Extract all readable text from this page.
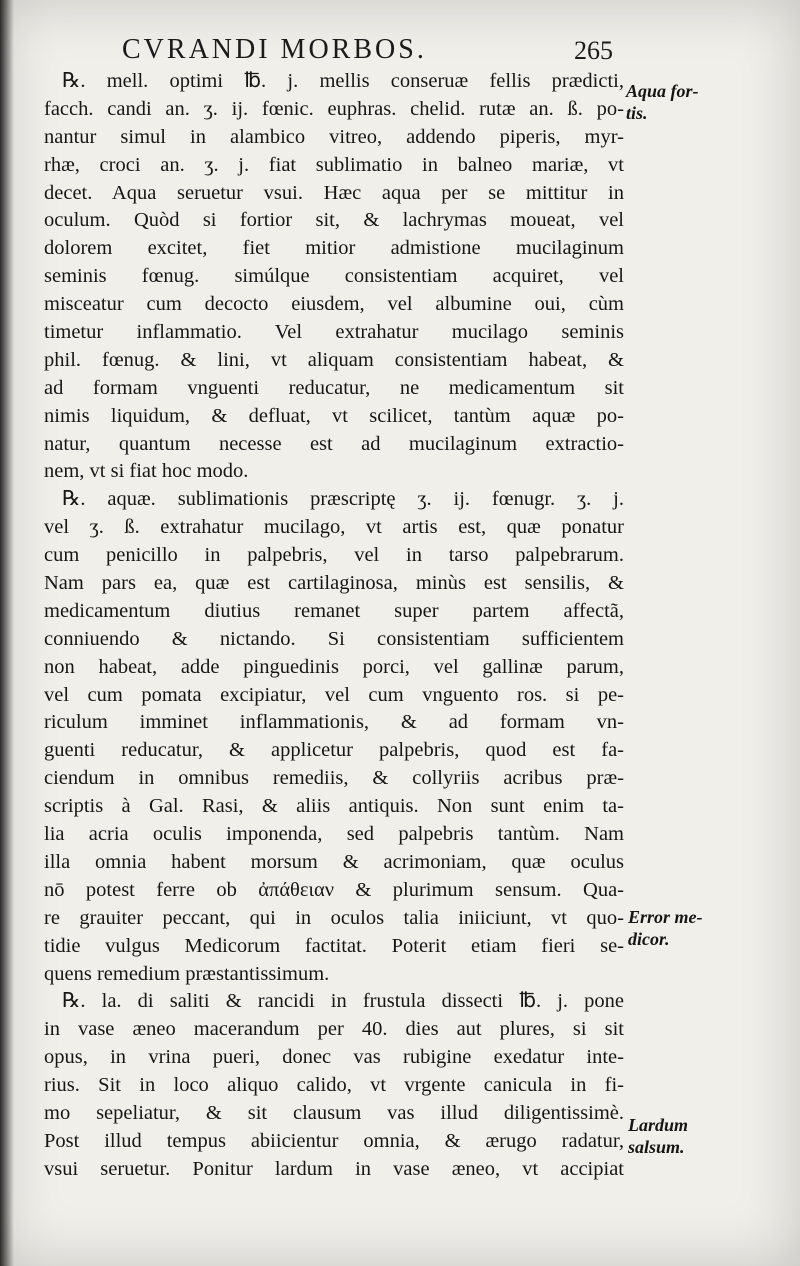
CVRANDI MORBOS.	265
℞. mell. optimi ℔. j. mellis conseruæ fellis prædicti,
facch. candi an. ʒ. ij. fœnic. euphras. chelid. rutæ an. ß. po-
nantur simul in alambico vitreo, addendo piperis, myr-
rhæ, croci an. ʒ. j. fiat sublimatio in balneo mariæ, vt
decet. Aqua seruetur vsui. Hæc aqua per se mittitur in
oculum. Quòd si fortior sit, & lachrymas moueat, vel
dolorem excitet, fiet mitior admistione mucilaginum
seminis fœnug. simúlque consistentiam acquiret, vel
misceatur cum decocto eiusdem, vel albumine oui, cùm
timetur inflammatio. Vel extrahatur mucilago seminis
phil. fœnug. & lini, vt aliquam consistentiam habeat, &
ad formam vnguenti reducatur, ne medicamentum sit
nimis liquidum, & defluat, vt scilicet, tantùm aquæ po-
natur, quantum necesse est ad mucilaginum extractio-
nem, vt si fiat hoc modo.
℞. aquæ. sublimationis præscriptę ʒ. ij. fœnugr. ʒ. j.
vel ʒ. ß. extrahatur mucilago, vt artis est, quæ ponatur
cum penicillo in palpebris, vel in tarso palpebrarum.
Nam pars ea, quæ est cartilaginosa, minùs est sensilis, &
medicamentum diutius remanet super partem affectã,
conniuendo & nictando. Si consistentiam sufficientem
non habeat, adde pinguedinis porci, vel gallinæ parum,
vel cum pomata excipiatur, vel cum vnguento ros. si pe-
riculum imminet inflammationis, & ad formam vn-
guenti reducatur, & applicetur palpebris, quod est fa-
ciendum in omnibus remediis, & collyriis acribus præ-
scriptis à Gal. Rasi, & aliis antiquis. Non sunt enim ta-
lia acria oculis imponenda, sed palpebris tantùm. Nam
illa omnia habent morsum & acrimoniam, quæ oculus
nō potest ferre ob ἀπάθειαν & plurimum sensum. Qua-
re grauiter peccant, qui in oculos talia iniiciunt, vt quo-
tidie vulgus Medicorum factitat. Poterit etiam fieri se-
quens remedium præstantissimum.
℞. la. di saliti & rancidi in frustula dissecti ℔. j. pone
in vase æneo macerandum per 40. dies aut plures, si sit
opus, in vrina pueri, donec vas rubigine exedatur inte-
rius. Sit in loco aliquo calido, vt vrgente canicula in fi-
mo sepeliatur, & sit clausum vas illud diligentissimè.
Post illud tempus abiicientur omnia, & ærugo radatur,
vsui seruetur. Ponitur lardum in vase æneo, vt accipiat
Aqua for-
tis.
Error me-
dicor.
Lardum
salsum.
